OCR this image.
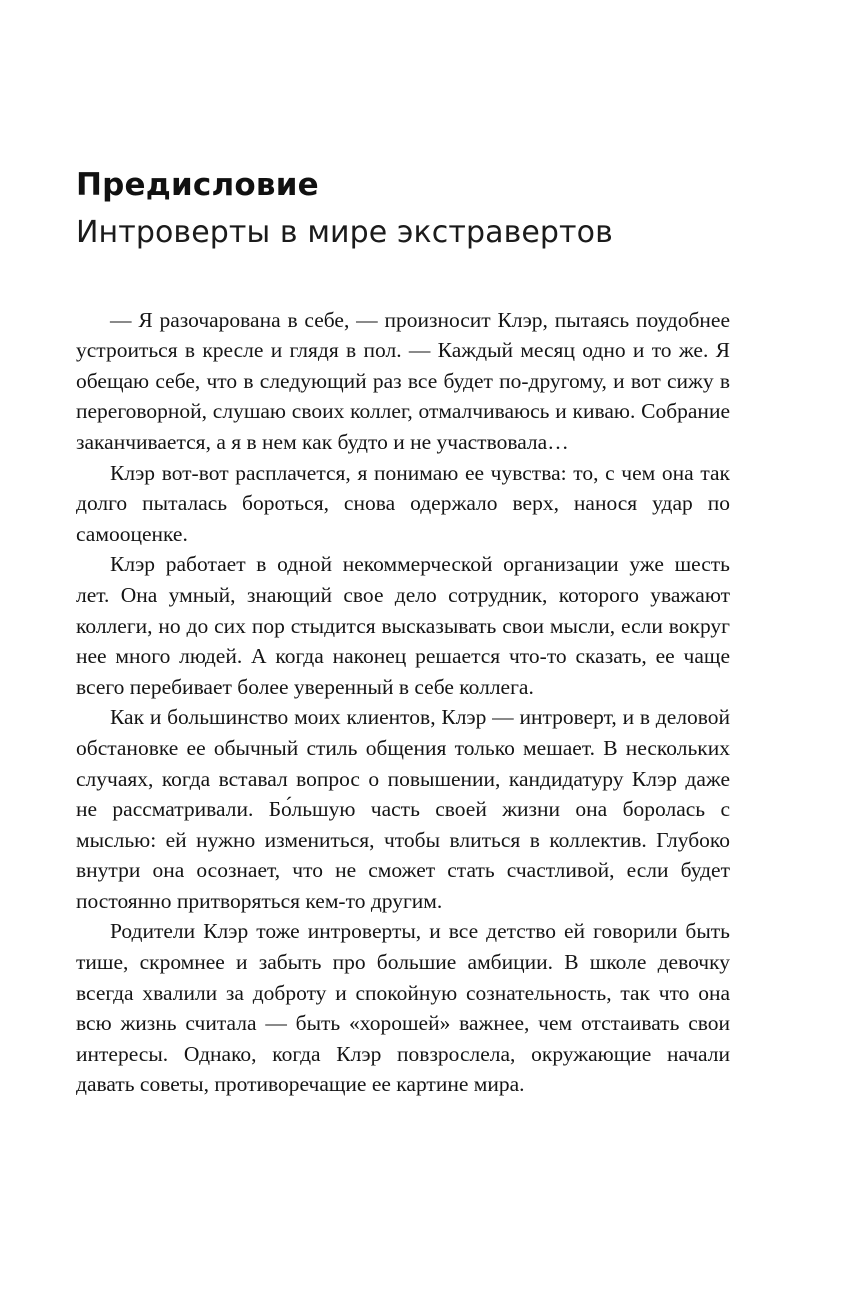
Предисловие
Интроверты в мире экстравертов

— Я разочарована в себе, — произносит Клэр, пытаясь поудобнее устроиться в кресле и глядя в пол. — Каждый месяц одно и то же. Я обещаю себе, что в следующий раз все будет по-другому, и вот сижу в переговорной, слушаю своих коллег, отмалчиваюсь и киваю. Собрание заканчивается, а я в нем как будто и не участвовала…

Клэр вот-вот расплачется, я понимаю ее чувства: то, с чем она так долго пыталась бороться, снова одержало верх, нанося удар по самооценке.

Клэр работает в одной некоммерческой организации уже шесть лет. Она умный, знающий свое дело сотрудник, которого уважают коллеги, но до сих пор стыдится высказывать свои мысли, если вокруг нее много людей. А когда наконец решается что-то сказать, ее чаще всего перебивает более уверенный в себе коллега.

Как и большинство моих клиентов, Клэр — интроверт, и в деловой обстановке ее обычный стиль общения только мешает. В нескольких случаях, когда вставал вопрос о повышении, кандидатуру Клэр даже не рассматривали. Бо́льшую часть своей жизни она боролась с мыслью: ей нужно измениться, чтобы влиться в коллектив. Глубоко внутри она осознает, что не сможет стать счастливой, если будет постоянно притворяться кем-то другим.

Родители Клэр тоже интроверты, и все детство ей говорили быть тише, скромнее и забыть про большие амбиции. В школе девочку всегда хвалили за доброту и спокойную сознательность, так что она всю жизнь считала — быть «хорошей» важнее, чем отстаивать свои интересы. Однако, когда Клэр повзрослела, окружающие начали давать советы, противоречащие ее картине мира.
